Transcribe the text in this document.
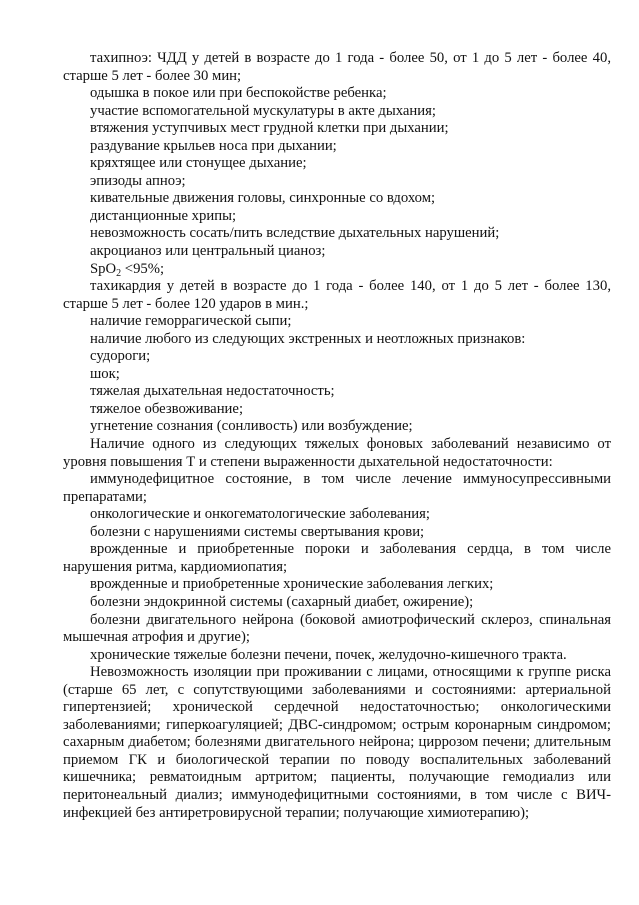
тахипноэ: ЧДД у детей в возрасте до 1 года - более 50, от 1 до 5 лет - более 40, старше 5 лет - более 30 мин;

одышка в покое или при беспокойстве ребенка;

участие вспомогательной мускулатуры в акте дыхания;

втяжения уступчивых мест грудной клетки при дыхании;

раздувание крыльев носа при дыхании;

кряхтящее или стонущее дыхание;

эпизоды апноэ;

кивательные движения головы, синхронные со вдохом;

дистанционные хрипы;

невозможность сосать/пить вследствие дыхательных нарушений;

акроцианоз или центральный цианоз;

SpO$_2$ <95%;

тахикардия у детей в возрасте до 1 года - более 140, от 1 до 5 лет - более 130, старше 5 лет - более 120 ударов в мин.;

наличие геморрагической сыпи;

наличие любого из следующих экстренных и неотложных признаков:

судороги;

шок;

тяжелая дыхательная недостаточность;

тяжелое обезвоживание;

угнетение сознания (сонливость) или возбуждение;

Наличие одного из следующих тяжелых фоновых заболеваний независимо от уровня повышения Т и степени выраженности дыхательной недостаточности:

иммунодефицитное состояние, в том числе лечение иммуносупрессивными препаратами;

онкологические и онкогематологические заболевания;

болезни с нарушениями системы свертывания крови;

врожденные и приобретенные пороки и заболевания сердца, в том числе нарушения ритма, кардиомиопатия;

врожденные и приобретенные хронические заболевания легких;

болезни эндокринной системы (сахарный диабет, ожирение);

болезни двигательного нейрона (боковой амиотрофический склероз, спинальная мышечная атрофия и другие);

хронические тяжелые болезни печени, почек, желудочно-кишечного тракта.

Невозможность изоляции при проживании с лицами, относящими к группе риска (старше 65 лет, с сопутствующими заболеваниями и состояниями: артериальной гипертензией; хронической сердечной недостаточностью; онкологическими заболеваниями; гиперкоагуляцией; ДВС-синдромом; острым коронарным синдромом; сахарным диабетом; болезнями двигательного нейрона; циррозом печени; длительным приемом ГК и биологической терапии по поводу воспалительных заболеваний кишечника; ревматоидным артритом; пациенты, получающие гемодиализ или перитонеальный диализ; иммунодефицитными состояниями, в том числе с ВИЧ-инфекцией без антиретровирусной терапии; получающие химиотерапию);
